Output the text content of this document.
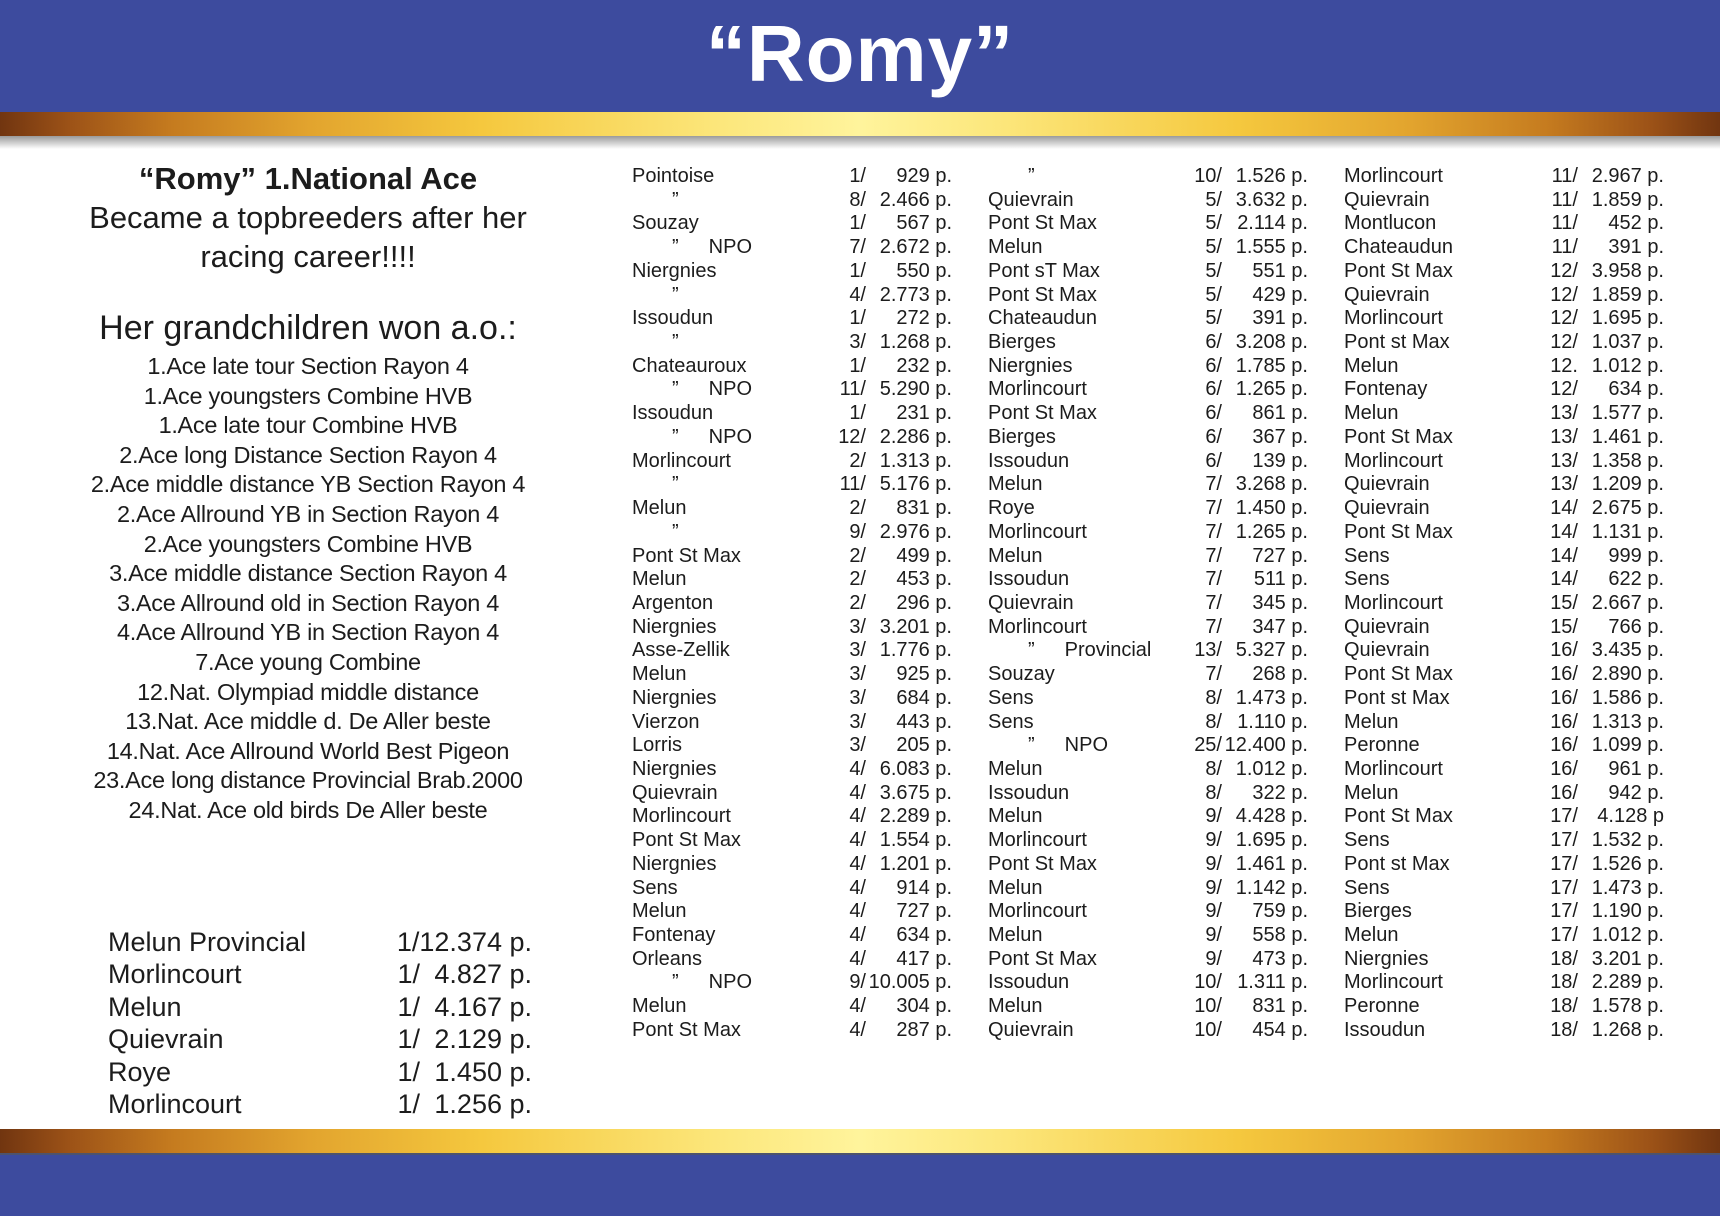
“Romy”
“Romy” 1.National Ace
Became a topbreeders after her
racing career!!!!
Her grandchildren won a.o.:
1.Ace late tour Section Rayon 4
1.Ace youngsters Combine HVB
1.Ace late tour Combine HVB
2.Ace long Distance Section Rayon 4
2.Ace middle distance YB Section Rayon 4
2.Ace Allround YB in Section Rayon 4
2.Ace youngsters Combine HVB
3.Ace middle distance Section Rayon 4
3.Ace Allround old in Section Rayon 4
4.Ace Allround YB in Section Rayon 4
7.Ace young Combine
12.Nat. Olympiad middle distance
13.Nat. Ace middle d. De Aller beste
14.Nat. Ace Allround World Best Pigeon
23.Ace long distance Provincial Brab.2000
24.Nat. Ace old birds De Aller beste
Melun Provincial	1/ 12.374 p.
Morlincourt	1/ 4.827 p.
Melun	1/ 4.167 p.
Quievrain	1/ 2.129 p.
Roye	1/ 1.450 p.
Morlincourt	1/ 1.256 p.
Pointoise	1/	929 p.
”	8/ 2.466 p.
Souzay	1/	567 p.
” NPO	7/ 2.672 p.
Niergnies	1/	550 p.
”	4/ 2.773 p.
Issoudun	1/	272 p.
”	3/ 1.268 p.
Chateauroux	1/	232 p.
” NPO	11/ 5.290 p.
Issoudun	1/	231 p.
” NPO	12/ 2.286 p.
Morlincourt	2/ 1.313 p.
”	11/ 5.176 p.
Melun	2/	831 p.
”	9/ 2.976 p.
Pont St Max	2/	499 p.
Melun	2/	453 p.
Argenton	2/	296 p.
Niergnies	3/ 3.201 p.
Asse-Zellik	3/ 1.776 p.
Melun	3/	925 p.
Niergnies	3/	684 p.
Vierzon	3/	443 p.
Lorris	3/	205 p.
Niergnies	4/ 6.083 p.
Quievrain	4/ 3.675 p.
Morlincourt	4/ 2.289 p.
Pont St Max	4/ 1.554 p.
Niergnies	4/ 1.201 p.
Sens	4/	914 p.
Melun	4/	727 p.
Fontenay	4/	634 p.
Orleans	4/	417 p.
” NPO	9/ 10.005 p.
Melun	4/	304 p.
Pont St Max	4/	287 p.
”	10/ 1.526 p.
Quievrain	5/ 3.632 p.
Pont St Max	5/ 2.114 p.
Melun	5/ 1.555 p.
Pont sT Max	5/	551 p.
Pont St Max	5/	429 p.
Chateaudun	5/	391 p.
Bierges	6/ 3.208 p.
Niergnies	6/ 1.785 p.
Morlincourt	6/ 1.265 p.
Pont St Max	6/	861 p.
Bierges	6/	367 p.
Issoudun	6/	139 p.
Melun	7/ 3.268 p.
Roye	7/ 1.450 p.
Morlincourt	7/ 1.265 p.
Melun	7/	727 p.
Issoudun	7/	511 p.
Quievrain	7/	345 p.
Morlincourt	7/	347 p.
” Provincial	13/ 5.327 p.
Souzay	7/	268 p.
Sens	8/ 1.473 p.
Sens	8/ 1.110 p.
” NPO	25/ 12.400 p.
Melun	8/ 1.012 p.
Issoudun	8/	322 p.
Melun	9/ 4.428 p.
Morlincourt	9/ 1.695 p.
Pont St Max	9/ 1.461 p.
Melun	9/ 1.142 p.
Morlincourt	9/	759 p.
Melun	9/	558 p.
Pont St Max	9/	473 p.
Issoudun	10/ 1.311 p.
Melun	10/	831 p.
Quievrain	10/	454 p.
Morlincourt	11/ 2.967 p.
Quievrain	11/ 1.859 p.
Montlucon	11/	452 p.
Chateaudun	11/	391 p.
Pont St Max	12/ 3.958 p.
Quievrain	12/ 1.859 p.
Morlincourt	12/ 1.695 p.
Pont st Max	12/ 1.037 p.
Melun	12. 1.012 p.
Fontenay	12/	634 p.
Melun	13/ 1.577 p.
Pont St Max	13/ 1.461 p.
Morlincourt	13/ 1.358 p.
Quievrain	13/ 1.209 p.
Quievrain	14/ 2.675 p.
Pont St Max	14/ 1.131 p.
Sens	14/	999 p.
Sens	14/	622 p.
Morlincourt	15/ 2.667 p.
Quievrain	15/	766 p.
Quievrain	16/ 3.435 p.
Pont St Max	16/ 2.890 p.
Pont st Max	16/ 1.586 p.
Melun	16/ 1.313 p.
Peronne	16/ 1.099 p.
Morlincourt	16/	961 p.
Melun	16/	942 p.
Pont St Max	17/ 4.128 p
Sens	17/ 1.532 p.
Pont st Max	17/ 1.526 p.
Sens	17/ 1.473 p.
Bierges	17/ 1.190 p.
Melun	17/ 1.012 p.
Niergnies	18/ 3.201 p.
Morlincourt	18/ 2.289 p.
Peronne	18/ 1.578 p.
Issoudun	18/ 1.268 p.
